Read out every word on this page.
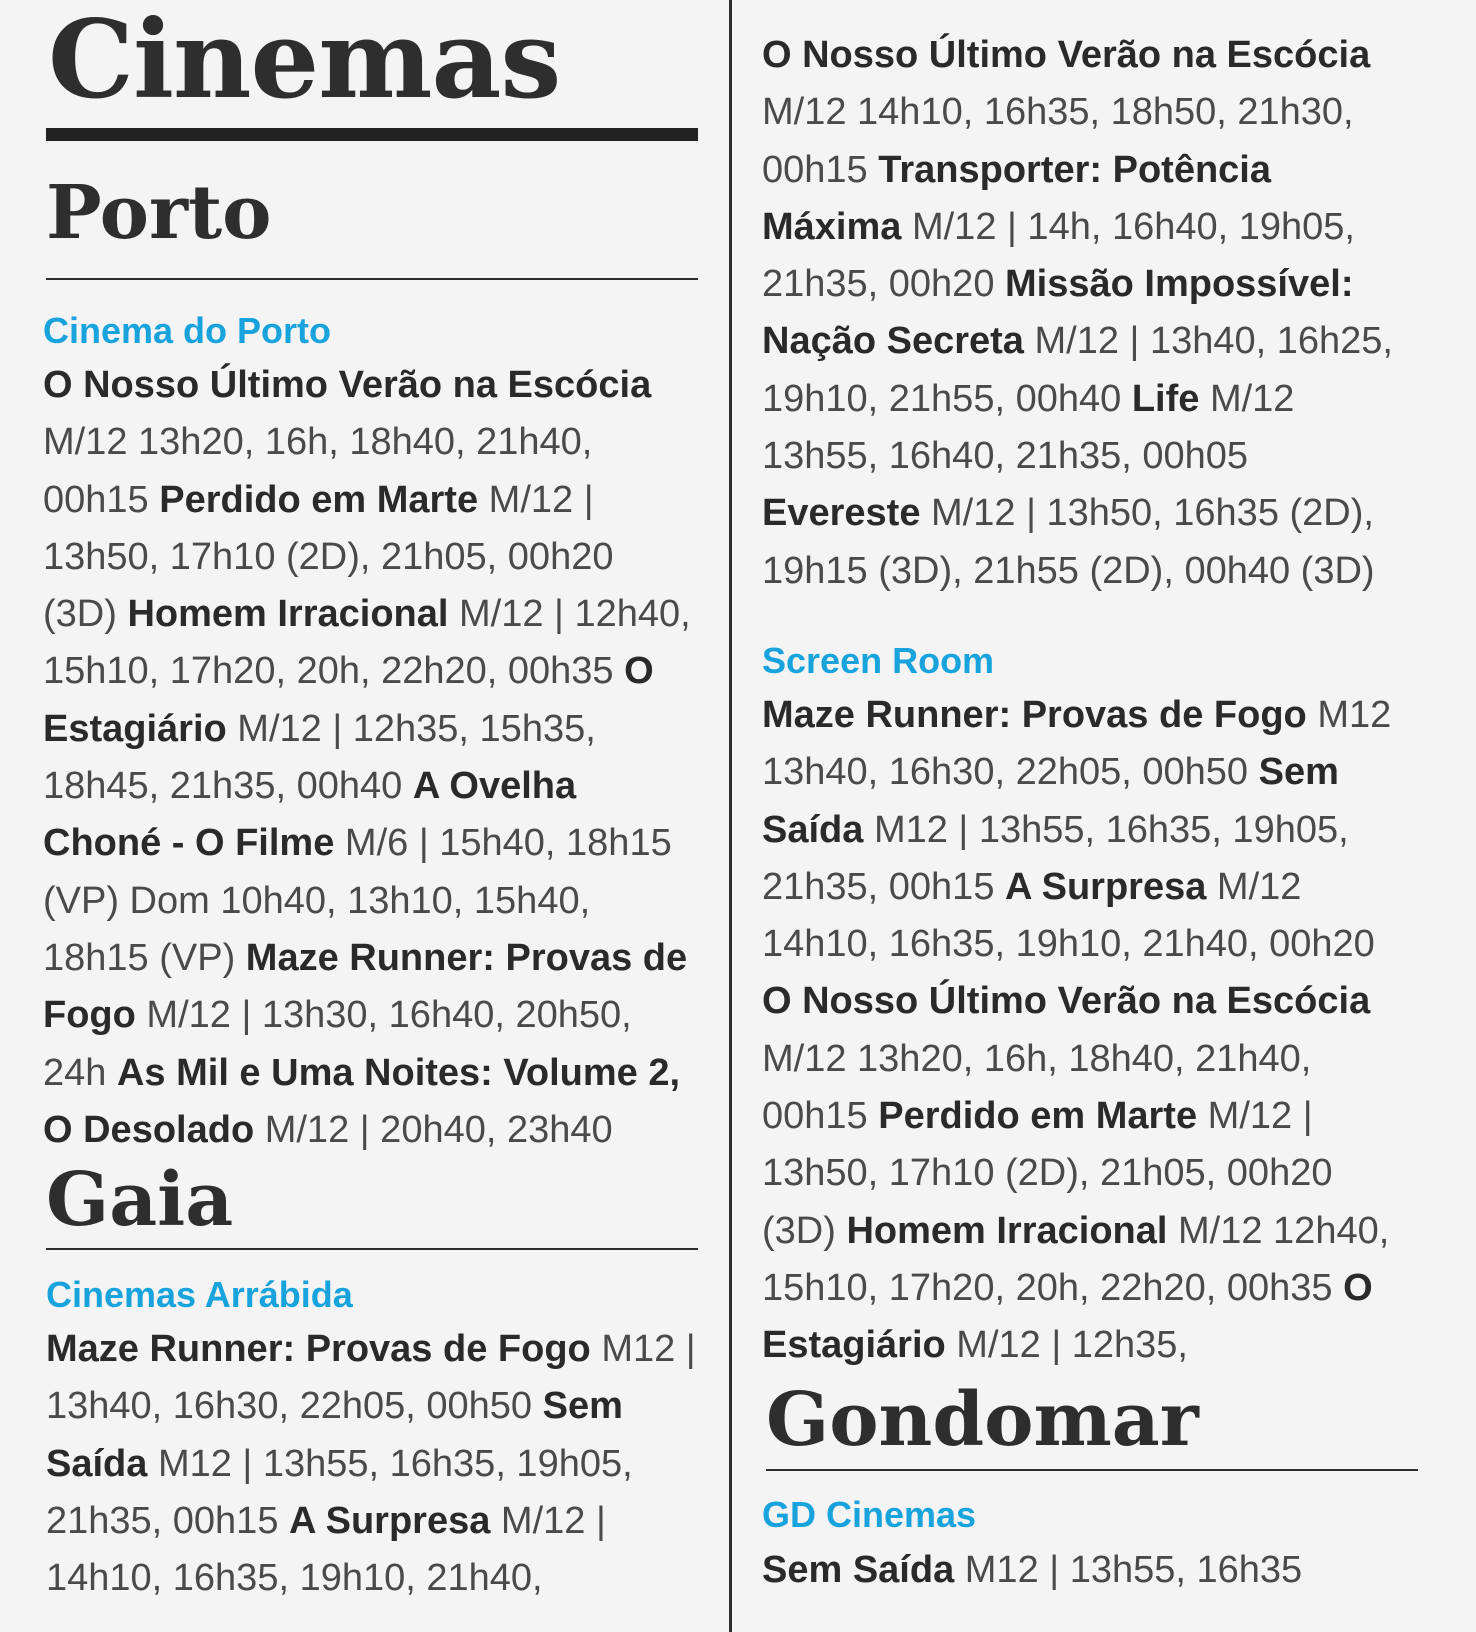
Cinemas
Porto
Cinema do Porto

O Nosso Último Verão na Escócia M/12 13h20, 16h, 18h40, 21h40, 00h15 Perdido em Marte M/12 | 13h50, 17h10 (2D), 21h05, 00h20 (3D) Homem Irracional M/12 | 12h40, 15h10, 17h20, 20h, 22h20, 00h35 O Estagiário M/12 | 12h35, 15h35, 18h45, 21h35, 00h40 A Ovelha Choné - O Filme M/6 | 15h40, 18h15 (VP) Dom 10h40, 13h10, 15h40, 18h15 (VP) Maze Runner: Provas de Fogo M/12 | 13h30, 16h40, 20h50, 24h As Mil e Uma Noites: Volume 2, O Desolado M/12 | 20h40, 23h40

Gaia
Cinemas Arrábida

Maze Runner: Provas de Fogo M12 | 13h40, 16h30, 22h05, 00h50 Sem Saída M12 | 13h55, 16h35, 19h05, 21h35, 00h15 A Surpresa M/12 | 14h10, 16h35, 19h10, 21h40,

O Nosso Último Verão na Escócia M/12 14h10, 16h35, 18h50, 21h30, 00h15 Transporter: Potência Máxima M/12 | 14h, 16h40, 19h05, 21h35, 00h20 Missão Impossível: Nação Secreta M/12 | 13h40, 16h25, 19h10, 21h55, 00h40 Life M/12 13h55, 16h40, 21h35, 00h05 Evereste M/12 | 13h50, 16h35 (2D), 19h15 (3D), 21h55 (2D), 00h40 (3D)

Screen Room

Maze Runner: Provas de Fogo M12 13h40, 16h30, 22h05, 00h50 Sem Saída M12 | 13h55, 16h35, 19h05, 21h35, 00h15 A Surpresa M/12 14h10, 16h35, 19h10, 21h40, 00h20 O Nosso Último Verão na Escócia M/12 13h20, 16h, 18h40, 21h40, 00h15 Perdido em Marte M/12 | 13h50, 17h10 (2D), 21h05, 00h20 (3D) Homem Irracional M/12 12h40, 15h10, 17h20, 20h, 22h20, 00h35 O Estagiário M/12 | 12h35,

Gondomar
GD Cinemas

Sem Saída M12 | 13h55, 16h35
